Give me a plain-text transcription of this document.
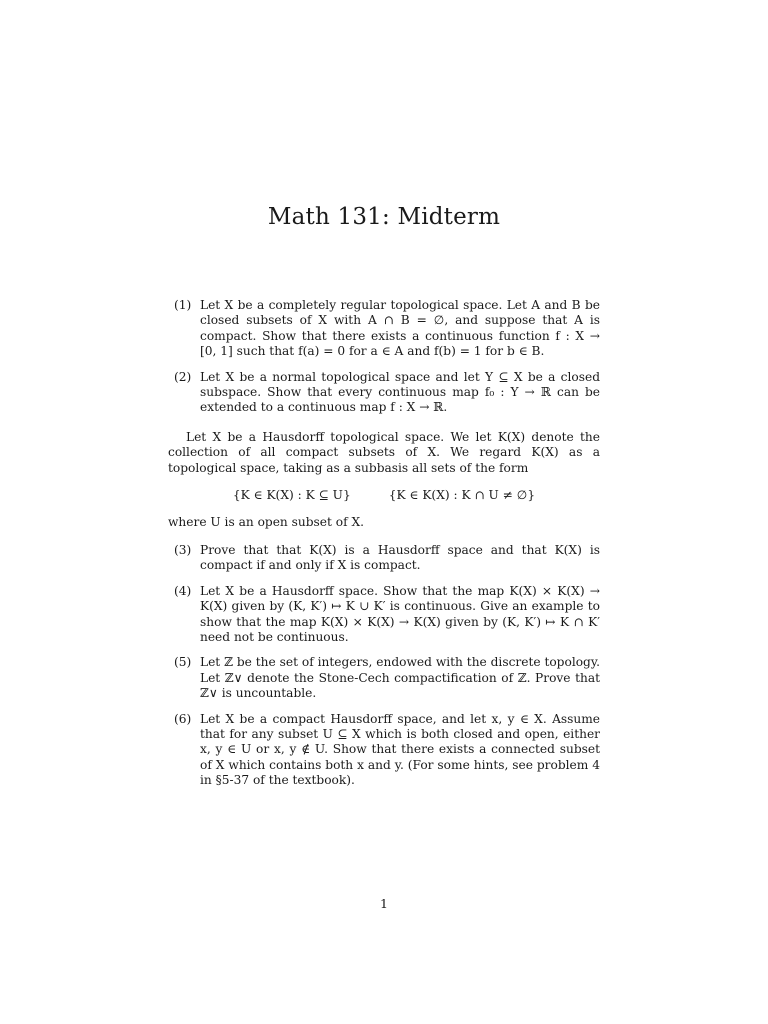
Math 131: Midterm
(1) Let X be a completely regular topological space. Let A and B be closed subsets of X with A ∩ B = ∅, and suppose that A is compact. Show that there exists a continuous function f : X → [0, 1] such that f(a) = 0 for a ∈ A and f(b) = 1 for b ∈ B.
(2) Let X be a normal topological space and let Y ⊆ X be a closed subspace. Show that every continuous map f₀ : Y → ℝ can be extended to a continuous map f : X → ℝ.

Let X be a Hausdorff topological space. We let K(X) denote the collection of all compact subsets of X. We regard K(X) as a topological space, taking as a subbasis all sets of the form

{K ∈ K(X) : K ⊆ U}	{K ∈ K(X) : K ∩ U ≠ ∅}

where U is an open subset of X.

(3) Prove that that K(X) is a Hausdorff space and that K(X) is compact if and only if X is compact.
(4) Let X be a Hausdorff space. Show that the map K(X) × K(X) → K(X) given by (K, K′) ↦ K ∪ K′ is continuous. Give an example to show that the map K(X) × K(X) → K(X) given by (K, K′) ↦ K ∩ K′ need not be continuous.
(5) Let ℤ be the set of integers, endowed with the discrete topology. Let ℤ∨ denote the Stone-Cech compactification of ℤ. Prove that ℤ∨ is uncountable.
(6) Let X be a compact Hausdorff space, and let x, y ∈ X. Assume that for any subset U ⊆ X which is both closed and open, either x, y ∈ U or x, y ∉ U. Show that there exists a connected subset of X which contains both x and y. (For some hints, see problem 4 in §5-37 of the textbook).
1
